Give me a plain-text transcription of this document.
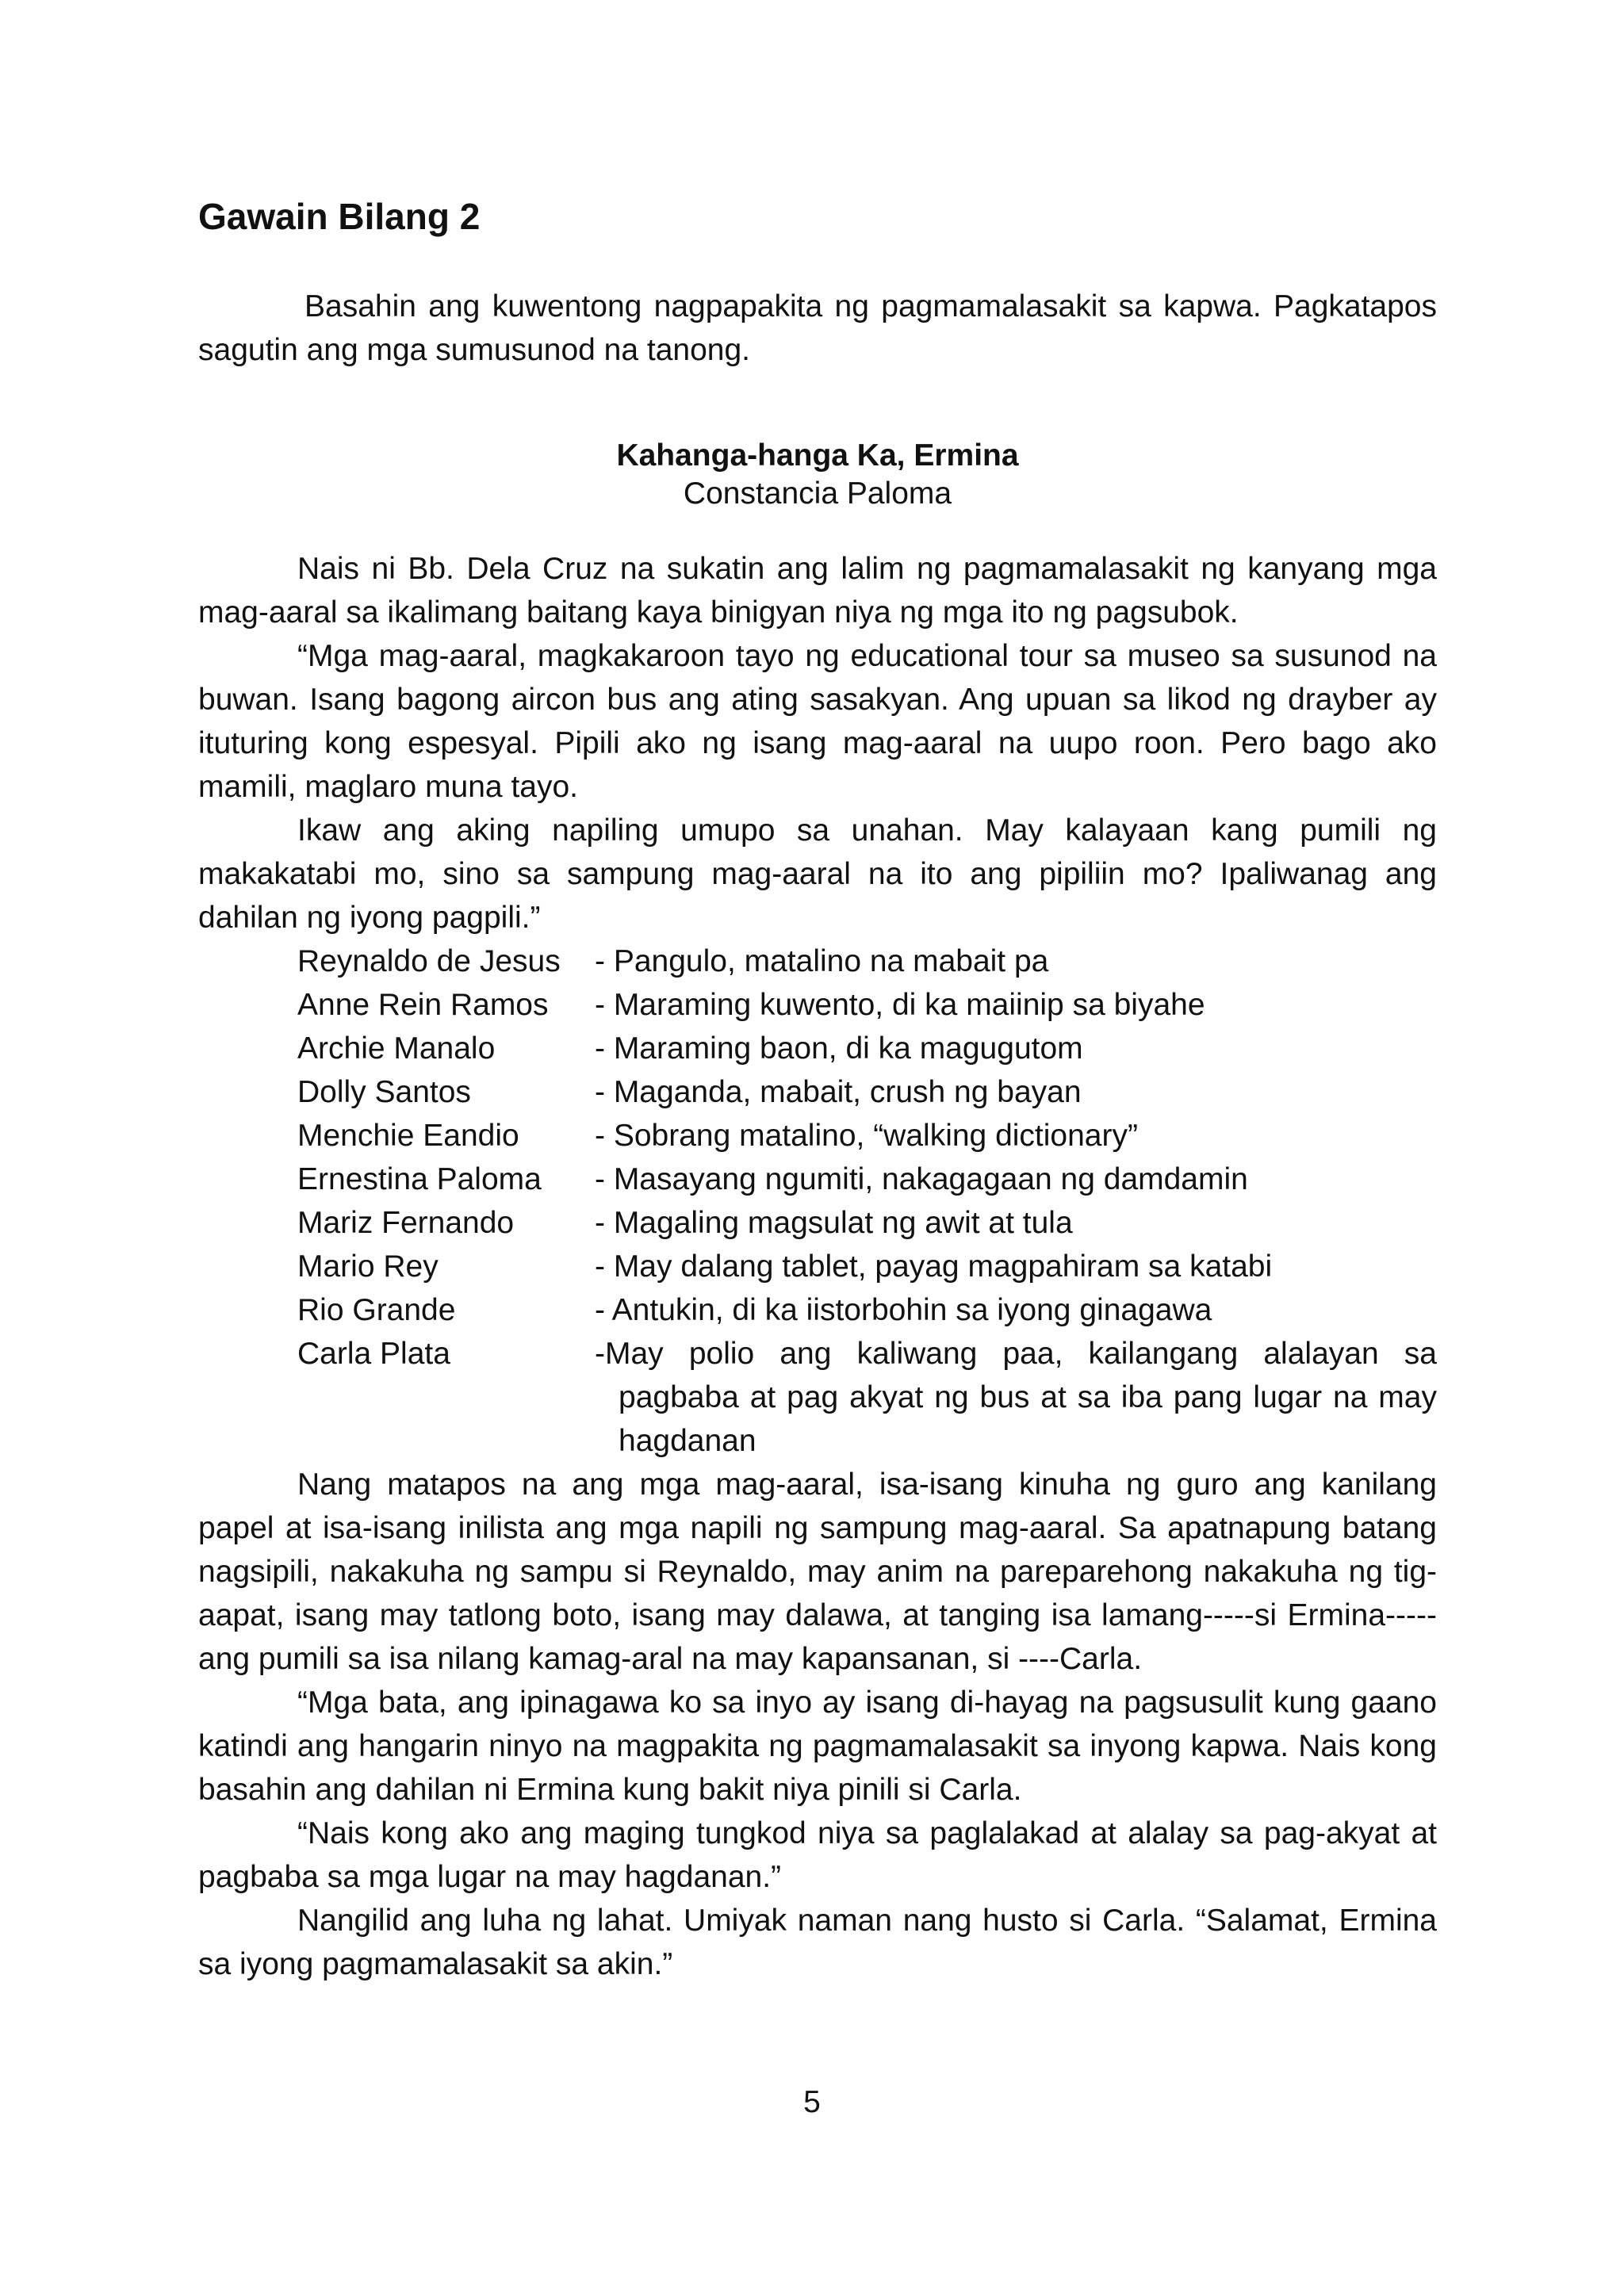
Gawain Bilang 2
Basahin ang kuwentong nagpapakita ng pagmamalasakit sa kapwa. Pagkatapos sagutin ang mga sumusunod na tanong.
Kahanga-hanga Ka, Ermina
Constancia Paloma

Nais ni Bb. Dela Cruz na sukatin ang lalim ng pagmamalasakit ng kanyang mga mag-aaral sa ikalimang baitang kaya binigyan niya ng mga ito ng pagsubok.

“Mga mag-aaral, magkakaroon tayo ng educational tour sa museo sa susunod na buwan. Isang bagong aircon bus ang ating sasakyan. Ang upuan sa likod ng drayber ay ituturing kong espesyal. Pipili ako ng isang mag-aaral na uupo roon. Pero bago ako mamili, maglaro muna tayo.

Ikaw ang aking napiling umupo sa unahan. May kalayaan kang pumili ng makakatabi mo, sino sa sampung mag-aaral na ito ang pipiliin mo? Ipaliwanag ang dahilan ng iyong pagpili.”

Reynaldo de Jesus	- Pangulo, matalino na mabait pa
Anne Rein Ramos	- Maraming kuwento, di ka maiinip sa biyahe
Archie Manalo	- Maraming baon, di ka magugutom
Dolly Santos	- Maganda, mabait, crush ng bayan
Menchie Eandio	- Sobrang matalino, “walking dictionary”
Ernestina Paloma	- Masayang ngumiti, nakagagaan ng damdamin
Mariz Fernando	- Magaling magsulat ng awit at tula
Mario Rey	- May dalang tablet, payag magpahiram sa katabi
Rio Grande	- Antukin, di ka iistorbohin sa iyong ginagawa
Carla Plata	-May polio ang kaliwang paa, kailangang alalayan sa pagbaba at pag akyat ng bus at sa iba pang lugar na may hagdanan

Nang matapos na ang mga mag-aaral, isa-isang kinuha ng guro ang kanilang papel at isa-isang inilista ang mga napili ng sampung mag-aaral. Sa apatnapung batang nagsipili, nakakuha ng sampu si Reynaldo, may anim na pareparehong nakakuha ng tig-aapat, isang may tatlong boto, isang may dalawa, at tanging isa lamang-----si Ermina-----ang pumili sa isa nilang kamag-aral na may kapansanan, si ----Carla.

“Mga bata, ang ipinagawa ko sa inyo ay isang di-hayag na pagsusulit kung gaano katindi ang hangarin ninyo na magpakita ng pagmamalasakit sa inyong kapwa. Nais kong basahin ang dahilan ni Ermina kung bakit niya pinili si Carla.

“Nais kong ako ang maging tungkod niya sa paglalakad at alalay sa pag-akyat at pagbaba sa mga lugar na may hagdanan.”

Nangilid ang luha ng lahat. Umiyak naman nang husto si Carla. “Salamat, Ermina sa iyong pagmamalasakit sa akin.”

5
